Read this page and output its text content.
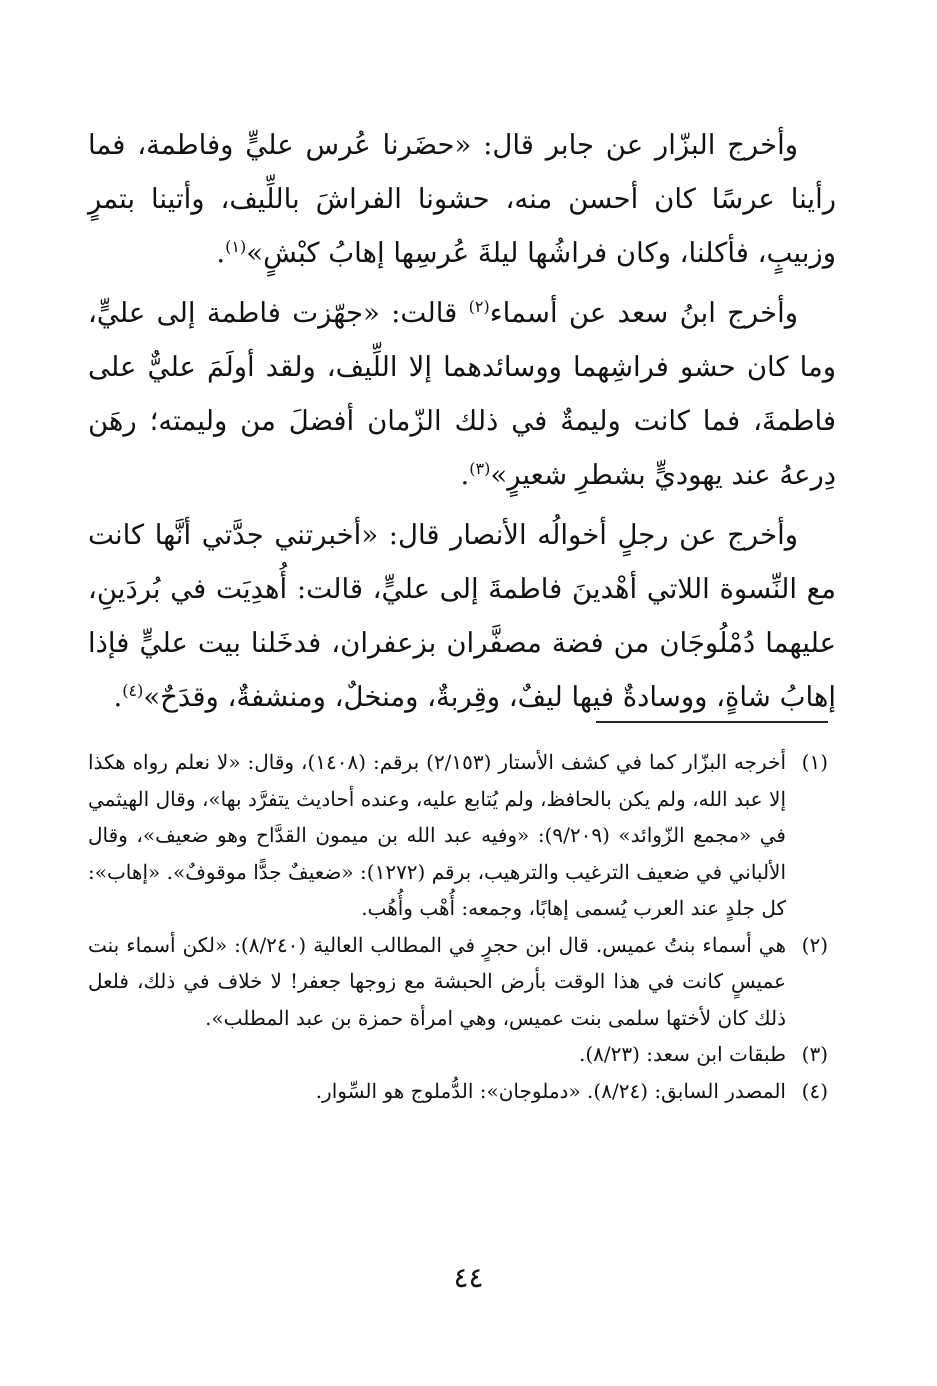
وأخرج البزّار عن جابر قال: «حضَرنا عُرس عليٍّ وفاطمة، فما رأينا عرسًا كان أحسن منه، حشونا الفراشَ باللِّيف، وأتينا بتمرٍ وزبيبٍ، فأكلنا، وكان فراشُها ليلةَ عُرسِها إهابُ كبْشٍ»$^{(١)}$.

وأخرج ابنُ سعد عن أسماء$^{(٢)}$ قالت: «جهّزت فاطمة إلى عليٍّ، وما كان حشو فراشِهما ووسائدهما إلا اللِّيف، ولقد أولَمَ عليٌّ على فاطمةَ، فما كانت وليمةٌ في ذلك الزّمان أفضلَ من وليمته؛ رهَن دِرعهُ عند يهوديٍّ بشطرِ شعيرٍ»$^{(٣)}$.

وأخرج عن رجلٍ أخوالُه الأنصار قال: «أخبرتني جدَّتي أنَّها كانت مع النِّسوة اللاتي أهْدينَ فاطمةَ إلى عليٍّ، قالت: أُهدِيَت في بُردَينِ، عليهما دُمْلُوجَان من فضة مصفَّران بزعفران، فدخَلنا بيت عليٍّ فإذا إهابُ شاةٍ، ووسادةٌ فيها ليفٌ، وقِربةٌ، ومنخلٌ، ومنشفةٌ، وقدَحٌ»$^{(٤)}$.

(١)
أخرجه البزّار كما في كشف الأستار (٢/١٥٣) برقم: (١٤٠٨)، وقال: «لا نعلم رواه هكذا إلا عبد الله، ولم يكن بالحافظ، ولم يُتابع عليه، وعنده أحاديث يتفرَّد بها»، وقال الهيثمي في «مجمع الزّوائد» (٩/٢٠٩): «وفيه عبد الله بن ميمون القدَّاح وهو ضعيف»، وقال الألباني في ضعيف الترغيب والترهيب، برقم (١٢٧٢): «ضعيفٌ جدًّا موقوفٌ». «إهاب»: كل جلدٍ عند العرب يُسمى إهابًا، وجمعه: أُهْب وأُهُب.
(٢)
هي أسماء بنتُ عميس. قال ابن حجرٍ في المطالب العالية (٨/٢٤٠): «لكن أسماء بنت عميسٍ كانت في هذا الوقت بأرض الحبشة مع زوجها جعفر! لا خلاف في ذلك، فلعل ذلك كان لأختها سلمى بنت عميس، وهي امرأة حمزة بن عبد المطلب».
(٣)
طبقات ابن سعد: (٨/٢٣).
(٤)
المصدر السابق: (٨/٢٤). «دملوجان»: الدُّملوج هو السِّوار.
٤٤
